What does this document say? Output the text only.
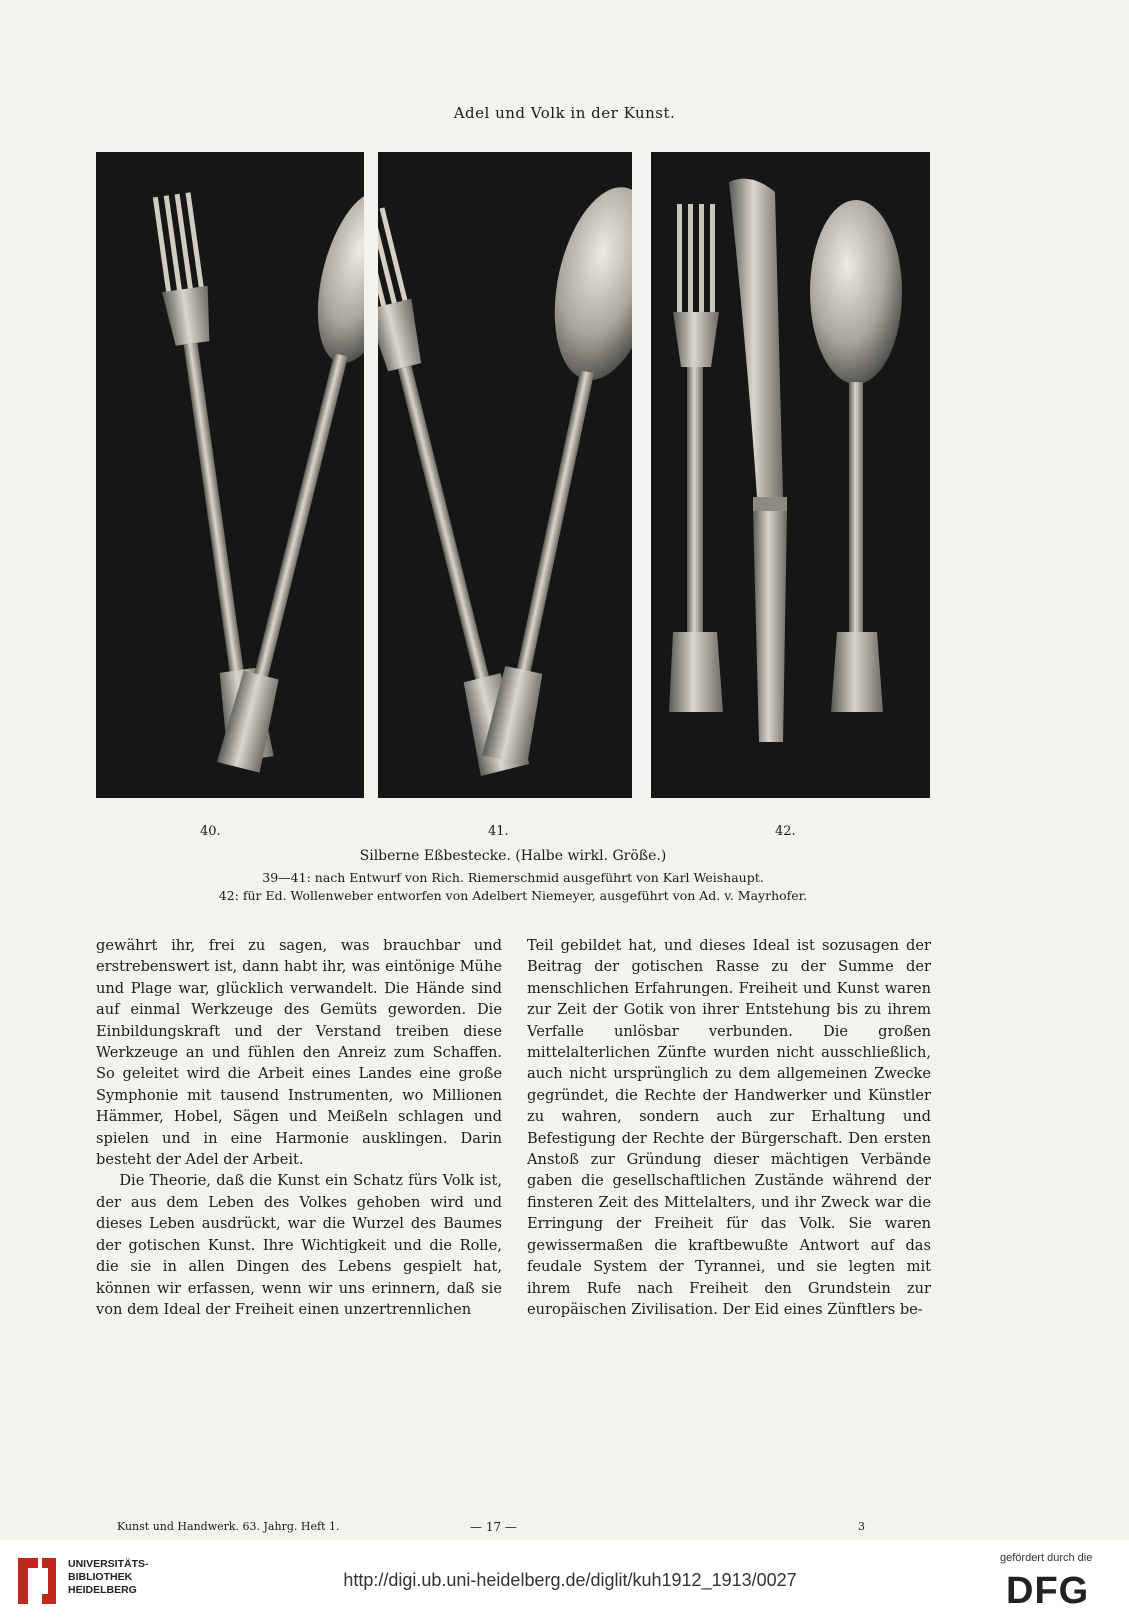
Adel und Volk in der Kunst.
40.	41.	42.
Silberne Eßbestecke. (Halbe wirkl. Größe.)
39—41: nach Entwurf von Rich. Riemerschmid ausgeführt von Karl Weishaupt.
42: für Ed. Wollenweber entworfen von Adelbert Niemeyer, ausgeführt von Ad. v. Mayrhofer.

gewährt ihr, frei zu sagen, was brauchbar und erstrebenswert ist, dann habt ihr, was eintönige Mühe und Plage war, glücklich verwandelt. Die Hände sind auf einmal Werkzeuge des Gemüts geworden. Die Einbildungskraft und der Verstand treiben diese Werkzeuge an und fühlen den Anreiz zum Schaffen. So geleitet wird die Arbeit eines Landes eine große Symphonie mit tausend Instrumenten, wo Millionen Hämmer, Hobel, Sägen und Meißeln schlagen und spielen und in eine Harmonie ausklingen. Darin besteht der Adel der Arbeit.

Die Theorie, daß die Kunst ein Schatz fürs Volk ist, der aus dem Leben des Volkes gehoben wird und dieses Leben ausdrückt, war die Wurzel des Baumes der gotischen Kunst. Ihre Wichtigkeit und die Rolle, die sie in allen Dingen des Lebens gespielt hat, können wir erfassen, wenn wir uns erinnern, daß sie von dem Ideal der Freiheit einen unzertrennlichen

Teil gebildet hat, und dieses Ideal ist sozusagen der Beitrag der gotischen Rasse zu der Summe der menschlichen Erfahrungen. Freiheit und Kunst waren zur Zeit der Gotik von ihrer Entstehung bis zu ihrem Verfalle unlösbar verbunden. Die großen mittelalterlichen Zünfte wurden nicht ausschließlich, auch nicht ursprünglich zu dem allgemeinen Zwecke gegründet, die Rechte der Handwerker und Künstler zu wahren, sondern auch zur Erhaltung und Befestigung der Rechte der Bürgerschaft. Den ersten Anstoß zur Gründung dieser mächtigen Verbände gaben die gesellschaftlichen Zustände während der finsteren Zeit des Mittelalters, und ihr Zweck war die Erringung der Freiheit für das Volk. Sie waren gewissermaßen die kraftbewußte Antwort auf das feudale System der Tyrannei, und sie legten mit ihrem Rufe nach Freiheit den Grundstein zur europäischen Zivilisation. Der Eid eines Zünftlers be-

Kunst und Handwerk. 63. Jahrg. Heft 1.	— 17 —	3
UNIVERSITÄTS-
BIBLIOTHEK
HEIDELBERG	http://digi.ub.uni-heidelberg.de/diglit/kuh1912_1913/0027
gefördert durch die
DFG
